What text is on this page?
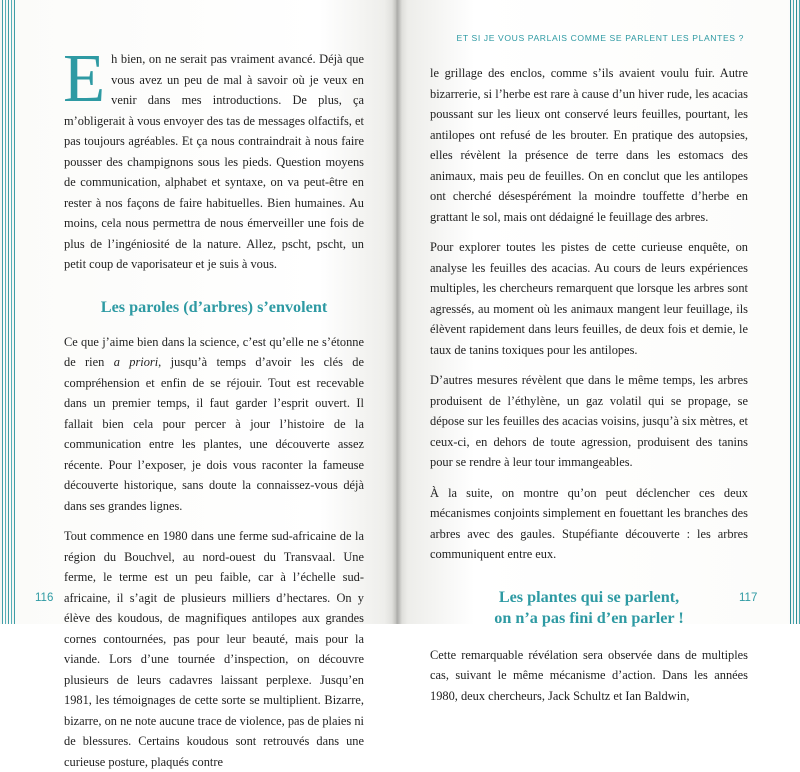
Eh bien, on ne serait pas vraiment avancé. Déjà que vous avez un peu de mal à savoir où je veux en venir dans mes introductions. De plus, ça m’obligerait à vous envoyer des tas de messages olfactifs, et pas toujours agréables. Et ça nous contraindrait à nous faire pousser des champignons sous les pieds. Question moyens de communication, alphabet et syntaxe, on va peut-être en rester à nos façons de faire habituelles. Bien humaines. Au moins, cela nous permettra de nous émerveiller une fois de plus de l’ingéniosité de la nature. Allez, pscht, pscht, un petit coup de vaporisateur et je suis à vous.

Les paroles (d’arbres) s’envolent

Ce que j’aime bien dans la science, c’est qu’elle ne s’étonne de rien a priori, jusqu’à temps d’avoir les clés de compréhension et enfin de se réjouir. Tout est recevable dans un premier temps, il faut garder l’esprit ouvert. Il fallait bien cela pour percer à jour l’histoire de la communication entre les plantes, une découverte assez récente. Pour l’exposer, je dois vous raconter la fameuse découverte historique, sans doute la connaissez-vous déjà dans ses grandes lignes.

Tout commence en 1980 dans une ferme sud-africaine de la région du Bouchvel, au nord-ouest du Transvaal. Une ferme, le terme est un peu faible, car à l’échelle sud-africaine, il s’agit de plusieurs milliers d’hectares. On y élève des koudous, de magnifiques antilopes aux grandes cornes contournées, pas pour leur beauté, mais pour la viande. Lors d’une tournée d’inspection, on découvre plusieurs de leurs cadavres laissant perplexe. Jusqu’en 1981, les témoignages de cette sorte se multiplient. Bizarre, bizarre, on ne note aucune trace de violence, pas de plaies ni de blessures. Certains koudous sont retrouvés dans une curieuse posture, plaqués contre

ET SI JE VOUS PARLAIS COMME SE PARLENT LES PLANTES ?

le grillage des enclos, comme s’ils avaient voulu fuir. Autre bizarrerie, si l’herbe est rare à cause d’un hiver rude, les acacias poussant sur les lieux ont conservé leurs feuilles, pourtant, les antilopes ont refusé de les brouter. En pratique des autopsies, elles révèlent la présence de terre dans les estomacs des animaux, mais peu de feuilles. On en conclut que les antilopes ont cherché désespérément la moindre touffette d’herbe en grattant le sol, mais ont dédaigné le feuillage des arbres.

Pour explorer toutes les pistes de cette curieuse enquête, on analyse les feuilles des acacias. Au cours de leurs expériences multiples, les chercheurs remarquent que lorsque les arbres sont agressés, au moment où les animaux mangent leur feuillage, ils élèvent rapidement dans leurs feuilles, de deux fois et demie, le taux de tanins toxiques pour les antilopes.

D’autres mesures révèlent que dans le même temps, les arbres produisent de l’éthylène, un gaz volatil qui se propage, se dépose sur les feuilles des acacias voisins, jusqu’à six mètres, et ceux-ci, en dehors de toute agression, produisent des tanins pour se rendre à leur tour immangeables.

À la suite, on montre qu’on peut déclencher ces deux mécanismes conjoints simplement en fouettant les branches des arbres avec des gaules. Stupéfiante découverte : les arbres communiquent entre eux.

Les plantes qui se parlent,
on n’a pas fini d’en parler !

Cette remarquable révélation sera observée dans de multiples cas, suivant le même mécanisme d’action. Dans les années 1980, deux chercheurs, Jack Schultz et Ian Baldwin,

116	117
